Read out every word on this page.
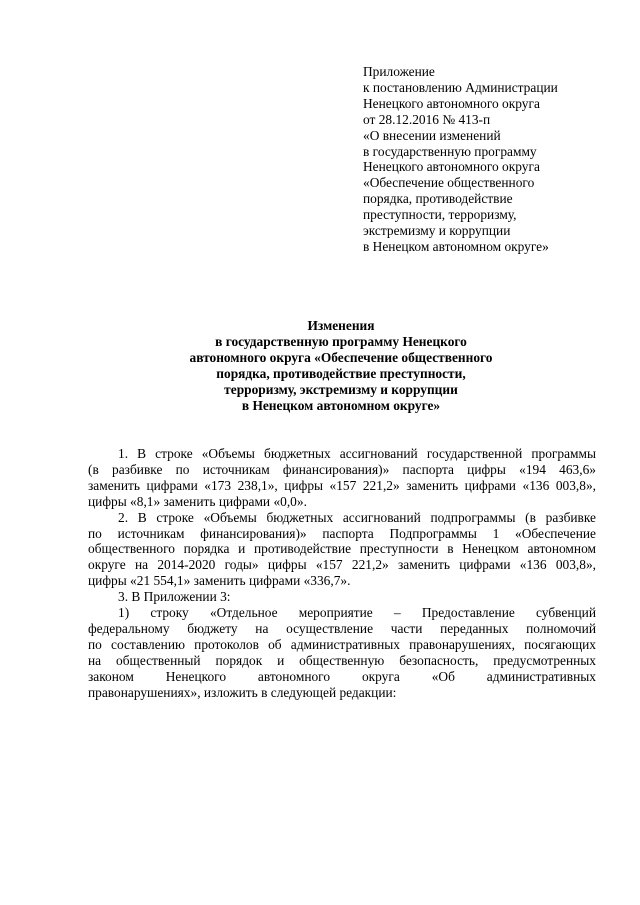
Приложение
к постановлению Администрации
Ненецкого автономного округа
от 28.12.2016 № 413-п
«О внесении изменений
в государственную программу
Ненецкого автономного округа
«Обеспечение общественного
порядка, противодействие
преступности, терроризму,
экстремизму и коррупции
в Ненецком автономном округе»
Изменения
в государственную программу Ненецкого
автономного округа «Обеспечение общественного
порядка, противодействие преступности,
терроризму, экстремизму и коррупции
в Ненецком автономном округе»
1. В строке «Объемы бюджетных ассигнований государственной программы
(в разбивке по источникам финансирования)» паспорта цифры «194 463,6»
заменить цифрами «173 238,1», цифры «157 221,2» заменить цифрами «136 003,8»,
цифры «8,1» заменить цифрами «0,0».
2. В строке «Объемы бюджетных ассигнований подпрограммы (в разбивке
по источникам финансирования)» паспорта Подпрограммы 1 «Обеспечение
общественного порядка и противодействие преступности в Ненецком автономном
округе на 2014-2020 годы» цифры «157 221,2» заменить цифрами «136 003,8»,
цифры «21 554,1» заменить цифрами «336,7».
3. В Приложении 3:
1) строку «Отдельное мероприятие – Предоставление субвенций
федеральному бюджету на осуществление части переданных полномочий
по составлению протоколов об административных правонарушениях, посягающих
на общественный порядок и общественную безопасность, предусмотренных
законом Ненецкого автономного округа «Об административных
правонарушениях», изложить в следующей редакции:
